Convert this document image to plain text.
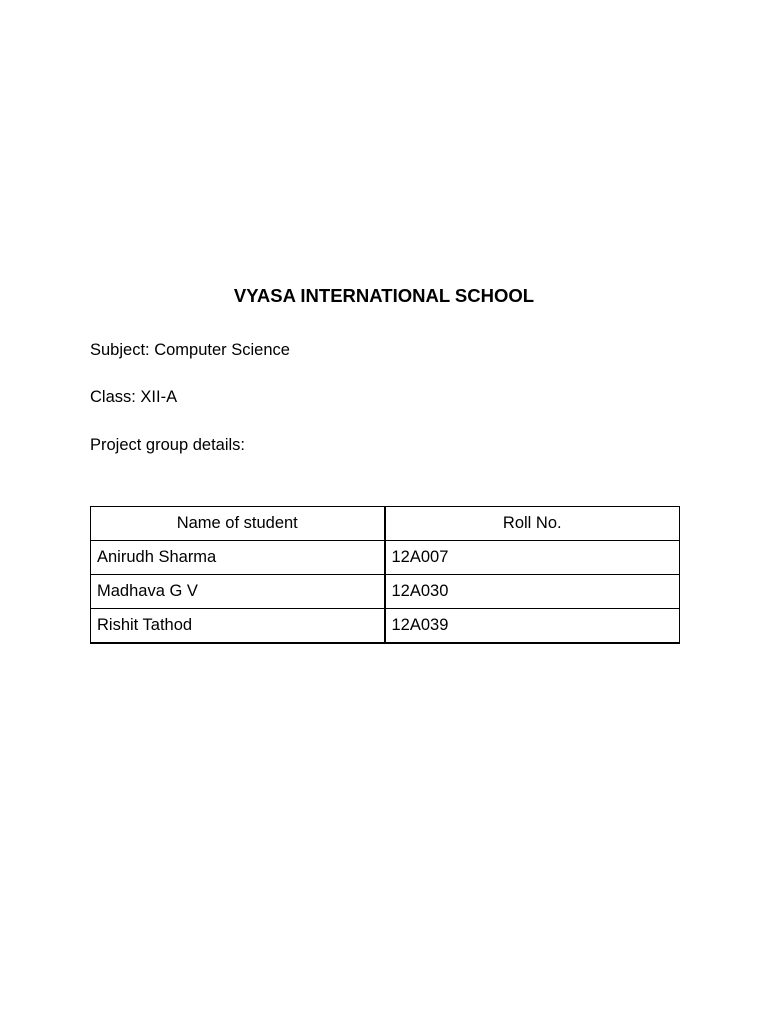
VYASA INTERNATIONAL SCHOOL

Subject: Computer Science

Class: XII-A

Project group details:

Name of student	Roll No.
Anirudh Sharma	12A007
Madhava G V	12A030
Rishit Tathod	12A039
